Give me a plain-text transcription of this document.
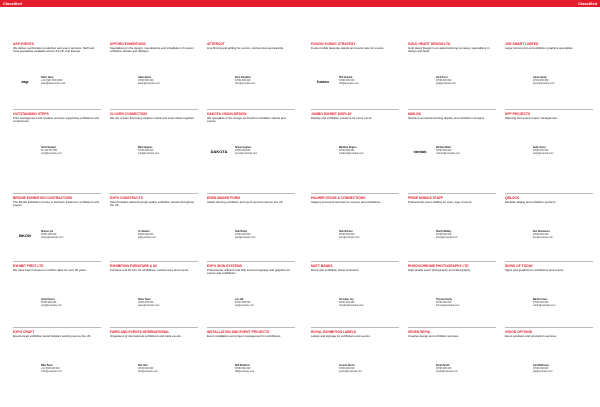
Classified	Classified
ASP EVENTS
We deliver world-class production and event services. Staff and crew specialists available across the UK and Europe.
asp
Sales Team
+44 (0)20 7000 0000
sales@aspevents.co.uk
OUTSTANDING STEPS
Print management and creative services supporting exhibitions and conferences.
Scott Stewart
01 234 567 890
scott@example.com
BRODIE EXHIBITION CONTRACTORS
The Brodie Exhibition Centre in Northern Ireland for exhibitions and events.
BKON
Shane Lyle
07000 000 000
shane@example.com
EXHIBIT FIRST LTD
We have been focused on exhibit value for over 20 years.
Andy Pearce
07000 000 000
andy@example.com
EXPO CRAFT
Experienced exhibition stand builders working across the UK.
Mike Pearl
+44 7000 000 000
mike@example.com
AFFORD EXHIBITIONS
Specialising in the design, manufacture and installation of custom exhibition stands and displays.
Adam Davis
07000 000 000
adam@example.com
CLOVER CONNECTION
We are a team that bring creative media and event ideas together.
Mark Hughes
07000 000 000
mark@example.com
EXPO CONSTRUCTS
Stand builders delivering high quality exhibition stands throughout the UK.
Jo Stewart
07000 000 000
jo@example.com
EXHIBITION FURNITURE & AV
Furniture and AV hire for exhibitions, conferences and events.
Sales Team
07000 000 000
sales@example.com
FAIRS AND EVENTS INTERNATIONAL
Organisers of international exhibitions and trade events.
Dan Hart
07000 000 000
dan@example.com
AFTERCUT
Live filming and editing for events, conferences and awards.
Dom Simpkins
07000 000 000
dom@example.com
DAKOTA VISION DESIGN
We specialise in the design and build of exhibition stands and events.
DAKOTA
Simon Hughes
07000 000 000
simon@example.com
EDEN AWARD FORM
Award winning exhibition and event services across the UK.
Paul Brady
07000 000 000
paul@example.com
EXPO SIGN SYSTEMS
Professional, efficient and fully serviced signage and graphics for events and exhibitions.
Leo Hill
07000 000 000
leo@example.com
INSTALLATION AND EVENT PROJECTS
Event installation and project management for exhibitions.
Will Bradford
07000 000 000
will@example.com
FUSION SCENIC STRATEGY
Fusion builds bespoke stands and scenic sets for events.
fusion
Phil Howard
07000 000 000
phil@example.com
JUMBO EXHIBIT DISPLAY
Display and exhibition solutions for every event.
Matthew Rogers
07000 000 000
matthew@example.com
PALMER STAGE & CONNECTIONS
Staging and event services for venues and exhibitions.
Sam Burden
07000 000 000
sam@example.com
MATT BANKS
Event and exhibition stand contractor.
Christian Joy
07000 000 000
christian@example.com
ROYAL EXHIBITION LABELS
Labels and signage for exhibitions and events.
Jessica Norris
07000 000 000
jessica@example.com
GOLD HEART DESIGN LTD
Gold Heart Design is an award-winning company specialising in design and build.
Jack Frost
07000 000 000
jack@example.com
NIMLOK
Nimlok is an award-winning display and exhibition company.
nimlok
Michael Wells
07000 000 000
michael@example.com
PRIDE MOBILE STAFF
Professional event staffing for every type of event.
Shelly Walsby
07000 000 000
shelly@example.com
RHODOCHROME PHOTOGRAPHY LTD
High quality event photography and videography.
Thomas Hardy
07000 000 000
thomas@example.com
SEVEN SEPIA
Creative design and exhibition services.
Sarah Smith
07000 000 000
sarah@example.com
JOE SMART LIMITED
Large format print and exhibition graphics specialists.
Jamie Hardy
07000 000 000
jamie@example.com
KFP PROJECTS
Planning and event project management.
Kelly Jones
07000 000 000
kelly@example.com
QBLOCK
Modular display and exhibition systems.
Ben Shenwood
07000 000 000
ben@example.com
SIGNS OF TODAY
Signs and graphics for exhibitions and events.
Martin Crane
07000 000 000
martin@example.com
VISION OPTIONS
Event solutions and production services.
Gail Wilkinson
07000 000 000
gail@example.com
